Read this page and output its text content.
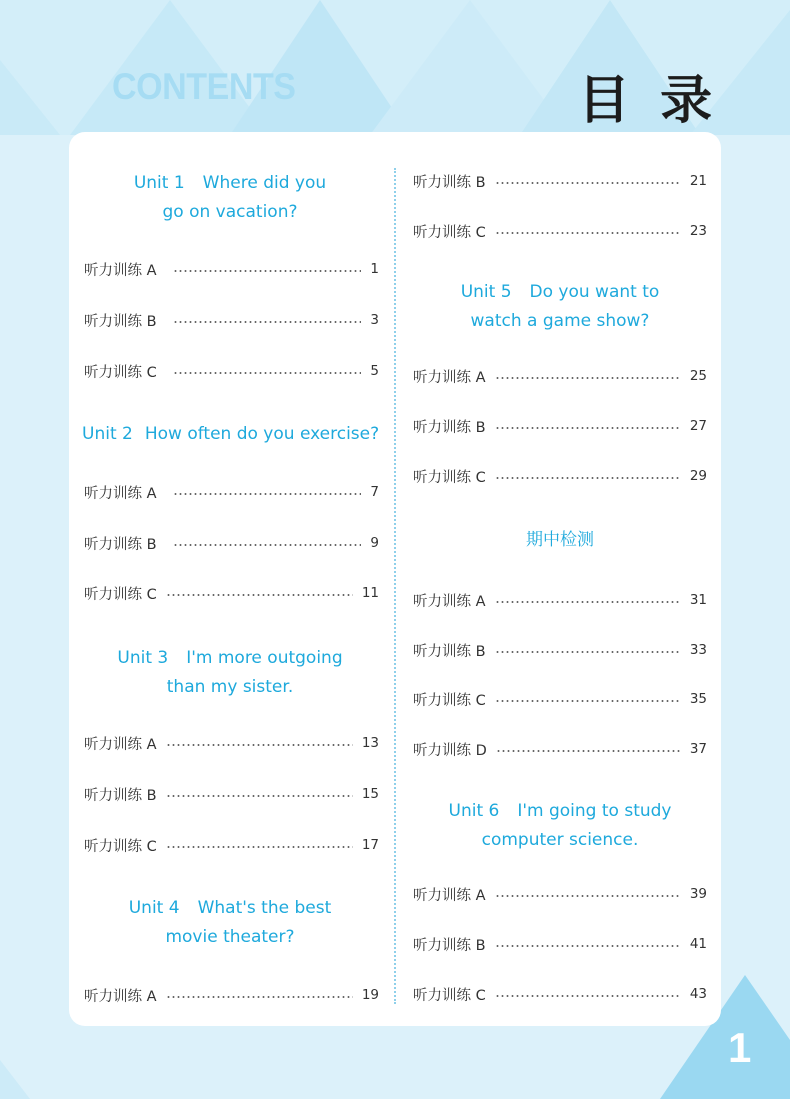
CONTENTS	目 录
Unit 1 Where did you
go on vacation?
听力训练 A	1
听力训练 B	3
听力训练 C	5
Unit 2 How often do you exercise?
听力训练 A	7
听力训练 B	9
听力训练 C	11
Unit 3 I'm more outgoing
than my sister.
听力训练 A	13
听力训练 B	15
听力训练 C	17
Unit 4 What's the best
movie theater?
听力训练 A	19
听力训练 B	21
听力训练 C	23
Unit 5 Do you want to
watch a game show?
听力训练 A	25
听力训练 B	27
听力训练 C	29
期中检测
听力训练 A	31
听力训练 B	33
听力训练 C	35
听力训练 D	37
Unit 6 I'm going to study
computer science.
听力训练 A	39
听力训练 B	41
听力训练 C	43
1
